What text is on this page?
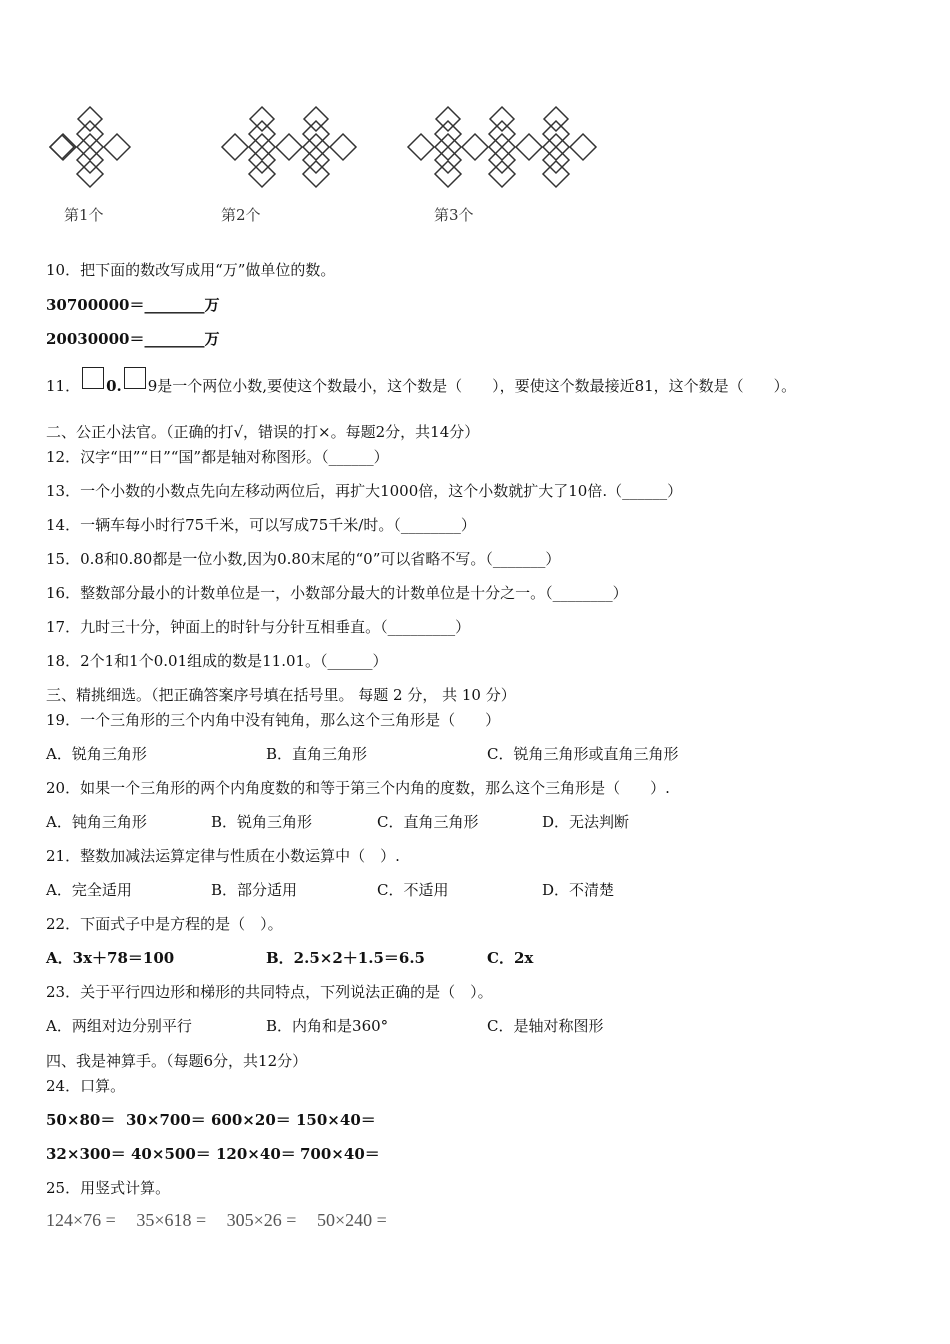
第1个	第2个	第3个
10．把下面的数改写成用“万”做单位的数。
30700000＝________万
20030000＝________万
11． 0. 9是一个两位小数,要使这个数最小，这个数是（　　），要使这个数最接近81，这个数是（　　）。
二、公正小法官。（正确的打√，错误的打×。每题2分，共14分）
12．汉字“田”“日”“国”都是轴对称图形。（______）
13．一个小数的小数点先向左移动两位后，再扩大1000倍，这个小数就扩大了10倍.（______）
14．一辆车每小时行75千米，可以写成75千米/时。（________）
15．0.8和0.80都是一位小数,因为0.80末尾的“0”可以省略不写。（_______）
16．整数部分最小的计数单位是一，小数部分最大的计数单位是十分之一。（________）
17．九时三十分，钟面上的时针与分针互相垂直。（_________）
18．2个1和1个0.01组成的数是11.01。（______）
三、精挑细选。（把正确答案序号填在括号里。 每题 2 分， 共 10 分）
19．一个三角形的三个内角中没有钝角，那么这个三角形是（　　）
A．锐角三角形	B．直角三角形	C．锐角三角形或直角三角形
20．如果一个三角形的两个内角度数的和等于第三个内角的度数，那么这个三角形是（　　）.
A．钝角三角形	B．锐角三角形	C．直角三角形	D．无法判断
21．整数加减法运算定律与性质在小数运算中（　）.
A．完全适用	B．部分适用	C．不适用	D．不清楚
22．下面式子中是方程的是（　）。
A．3x＋78＝100	B．2.5×2＋1.5＝6.5	C．2x
23．关于平行四边形和梯形的共同特点，下列说法正确的是（　）。
A．两组对边分别平行	B．内角和是360°	C．是轴对称图形
四、我是神算手。（每题6分，共12分）
24．口算。
50×80＝ 30×700＝ 600×20＝ 150×40＝
32×300＝ 40×500＝ 120×40＝ 700×40＝
25．用竖式计算。
124×76 = 35×618 = 305×26 = 50×240 =
